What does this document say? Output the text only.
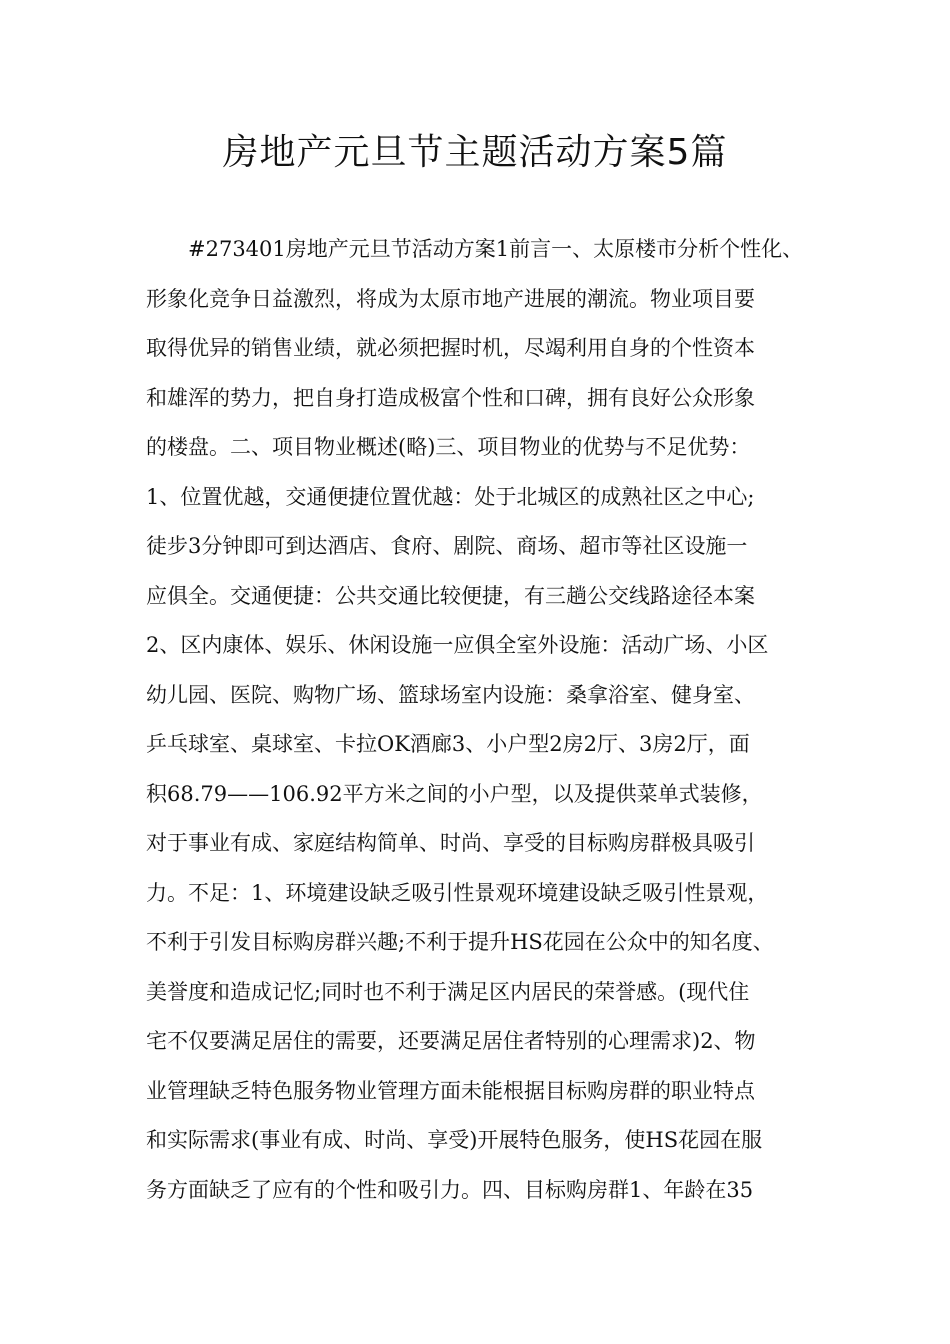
房地产元旦节主题活动方案5篇
#273401房地产元旦节活动方案1前言一、太原楼市分析个性化、
形象化竞争日益激烈，将成为太原市地产进展的潮流。物业项目要
取得优异的销售业绩，就必须把握时机，尽竭利用自身的个性资本
和雄浑的势力，把自身打造成极富个性和口碑，拥有良好公众形象
的楼盘。二、项目物业概述(略)三、项目物业的优势与不足优势：
1、位置优越，交通便捷位置优越：处于北城区的成熟社区之中心;
徒步3分钟即可到达酒店、食府、剧院、商场、超市等社区设施一
应俱全。交通便捷：公共交通比较便捷，有三趟公交线路途径本案
2、区内康体、娱乐、休闲设施一应俱全室外设施：活动广场、小区
幼儿园、医院、购物广场、篮球场室内设施：桑拿浴室、健身室、
乒乓球室、桌球室、卡拉OK酒廊3、小户型2房2厅、3房2厅，面
积68.79——106.92平方米之间的小户型，以及提供菜单式装修，
对于事业有成、家庭结构简单、时尚、享受的目标购房群极具吸引
力。不足：1、环境建设缺乏吸引性景观环境建设缺乏吸引性景观，
不利于引发目标购房群兴趣;不利于提升HS花园在公众中的知名度、
美誉度和造成记忆;同时也不利于满足区内居民的荣誉感。(现代住
宅不仅要满足居住的需要，还要满足居住者特别的心理需求)2、物
业管理缺乏特色服务物业管理方面未能根据目标购房群的职业特点
和实际需求(事业有成、时尚、享受)开展特色服务，使HS花园在服
务方面缺乏了应有的个性和吸引力。四、目标购房群1、年龄在35
